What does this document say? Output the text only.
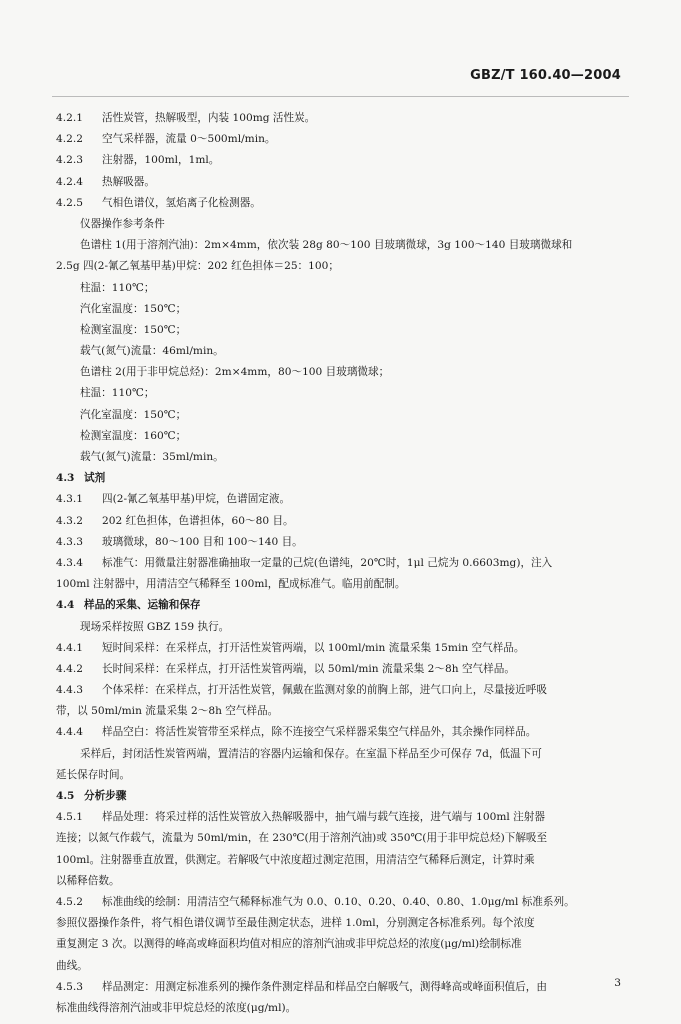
GBZ/T 160.40—2004
4.2.1 活性炭管，热解吸型，内装 100mg 活性炭。
4.2.2 空气采样器，流量 0～500ml/min。
4.2.3 注射器，100ml，1ml。
4.2.4 热解吸器。
4.2.5 气相色谱仪，氢焰离子化检测器。
仪器操作参考条件
色谱柱 1(用于溶剂汽油)：2m×4mm，依次装 28g 80～100 目玻璃微球，3g 100～140 目玻璃微球和
2.5g 四(2-氰乙氧基甲基)甲烷：202 红色担体＝25：100；
柱温：110℃；
汽化室温度：150℃；
检测室温度：150℃；
载气(氮气)流量：46ml/min。
色谱柱 2(用于非甲烷总烃)：2m×4mm，80～100 目玻璃微球；
柱温：110℃；
汽化室温度：150℃；
检测室温度：160℃；
载气(氮气)流量：35ml/min。
4.3 试剂
4.3.1 四(2-氰乙氧基甲基)甲烷，色谱固定液。
4.3.2 202 红色担体，色谱担体，60～80 目。
4.3.3 玻璃微球，80～100 目和 100～140 目。
4.3.4 标准气：用微量注射器准确抽取一定量的己烷(色谱纯，20℃时，1μl 己烷为 0.6603mg)，注入
100ml 注射器中，用清洁空气稀释至 100ml，配成标准气。临用前配制。
4.4 样品的采集、运输和保存
现场采样按照 GBZ 159 执行。
4.4.1 短时间采样：在采样点，打开活性炭管两端，以 100ml/min 流量采集 15min 空气样品。
4.4.2 长时间采样：在采样点，打开活性炭管两端，以 50ml/min 流量采集 2～8h 空气样品。
4.4.3 个体采样：在采样点，打开活性炭管，佩戴在监测对象的前胸上部，进气口向上，尽量接近呼吸
带，以 50ml/min 流量采集 2～8h 空气样品。
4.4.4 样品空白：将活性炭管带至采样点，除不连接空气采样器采集空气样品外，其余操作同样品。
采样后，封闭活性炭管两端，置清洁的容器内运输和保存。在室温下样品至少可保存 7d，低温下可
延长保存时间。
4.5 分析步骤
4.5.1 样品处理：将采过样的活性炭管放入热解吸器中，抽气端与载气连接，进气端与 100ml 注射器
连接；以氮气作载气，流量为 50ml/min，在 230℃(用于溶剂汽油)或 350℃(用于非甲烷总烃)下解吸至
100ml。注射器垂直放置，供测定。若解吸气中浓度超过测定范围，用清洁空气稀释后测定，计算时乘
以稀释倍数。
4.5.2 标准曲线的绘制：用清洁空气稀释标准气为 0.0、0.10、0.20、0.40、0.80、1.0μg/ml 标准系列。
参照仪器操作条件，将气相色谱仪调节至最佳测定状态，进样 1.0ml，分别测定各标准系列。每个浓度
重复测定 3 次。以测得的峰高或峰面积均值对相应的溶剂汽油或非甲烷总烃的浓度(μg/ml)绘制标准
曲线。
4.5.3 样品测定：用测定标准系列的操作条件测定样品和样品空白解吸气，测得峰高或峰面积值后，由
标准曲线得溶剂汽油或非甲烷总烃的浓度(μg/ml)。
3
